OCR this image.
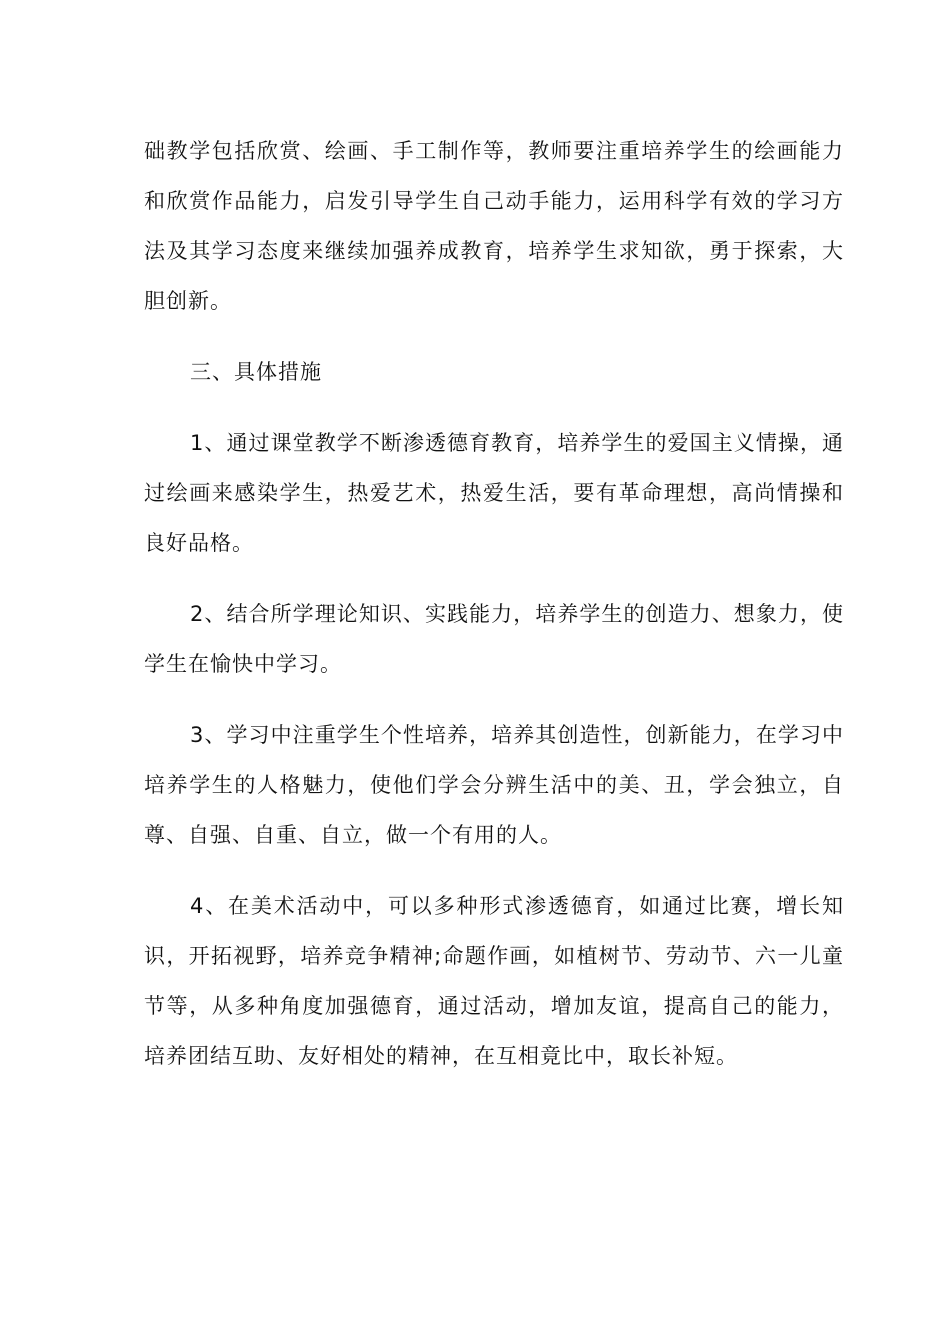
础教学包括欣赏、绘画、手工制作等，教师要注重培养学生的绘画能力和欣赏作品能力，启发引导学生自己动手能力，运用科学有效的学习方法及其学习态度来继续加强养成教育，培养学生求知欲，勇于探索，大胆创新。

三、具体措施

1、通过课堂教学不断渗透德育教育，培养学生的爱国主义情操，通过绘画来感染学生，热爱艺术，热爱生活，要有革命理想，高尚情操和良好品格。

2、结合所学理论知识、实践能力，培养学生的创造力、想象力，使学生在愉快中学习。

3、学习中注重学生个性培养，培养其创造性，创新能力，在学习中培养学生的人格魅力，使他们学会分辨生活中的美、丑，学会独立，自尊、自强、自重、自立，做一个有用的人。

4、在美术活动中，可以多种形式渗透德育，如通过比赛，增长知识，开拓视野，培养竞争精神;命题作画，如植树节、劳动节、六一儿童节等，从多种角度加强德育，通过活动，增加友谊，提高自己的能力，培养团结互助、友好相处的精神，在互相竟比中，取长补短。
